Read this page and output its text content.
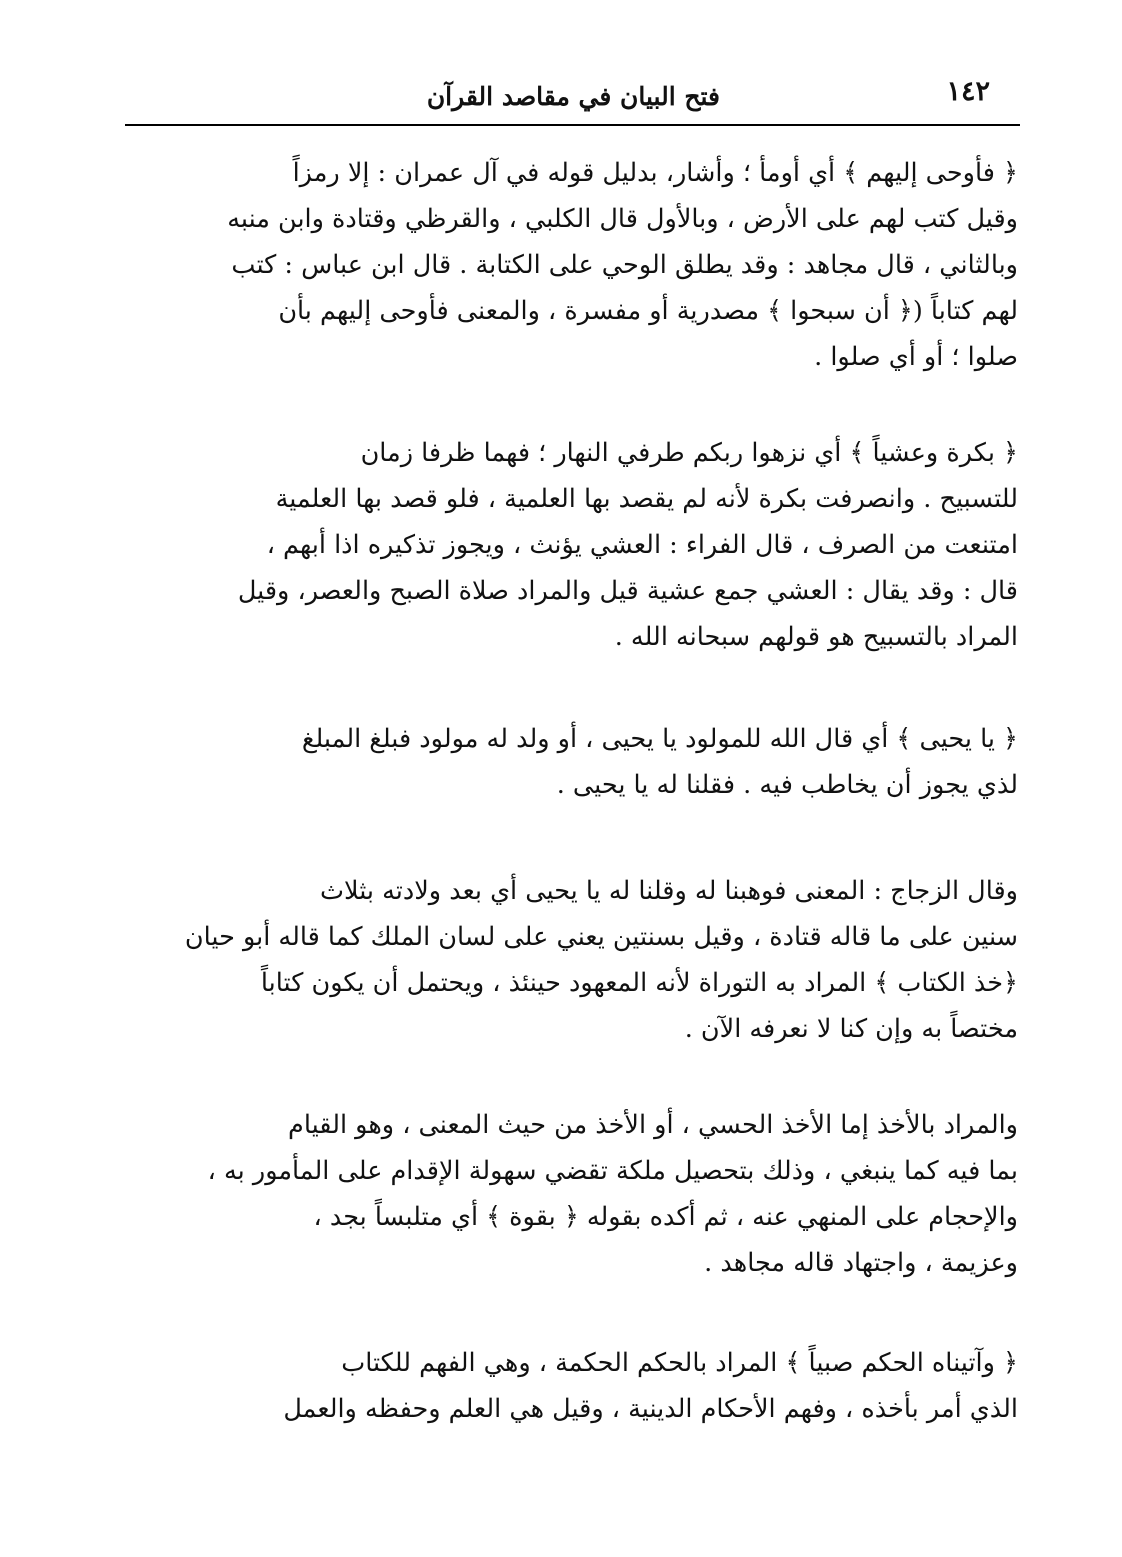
١٤٢
فتح البيان في مقاصد القرآن

﴿ فأوحى إليهم ﴾ أي أومأ ؛ وأشار، بدليل قوله في آل عمران : إلا رمزاً
وقيل كتب لهم على الأرض ، وبالأول قال الكلبي ، والقرظي وقتادة وابن منبه
وبالثاني ، قال مجاهد : وقد يطلق الوحي على الكتابة . قال ابن عباس : كتب
لهم كتاباً (﴿ أن سبحوا ﴾ مصدرية أو مفسرة ، والمعنى فأوحى إليهم بأن
صلوا ؛ أو أي صلوا .

﴿ بكرة وعشياً ﴾ أي نزهوا ربكم طرفي النهار ؛ فهما ظرفا زمان
للتسبيح . وانصرفت بكرة لأنه لم يقصد بها العلمية ، فلو قصد بها العلمية
امتنعت من الصرف ، قال الفراء : العشي يؤنث ، ويجوز تذكيره اذا أبهم ،
قال : وقد يقال : العشي جمع عشية قيل والمراد صلاة الصبح والعصر، وقيل
المراد بالتسبيح هو قولهم سبحانه الله .

﴿ يا يحيى ﴾ أي قال الله للمولود يا يحيى ، أو ولد له مولود فبلغ المبلغ
لذي يجوز أن يخاطب فيه . فقلنا له يا يحيى .

وقال الزجاج : المعنى فوهبنا له وقلنا له يا يحيى أي بعد ولادته بثلاث
سنين على ما قاله قتادة ، وقيل بسنتين يعني على لسان الملك كما قاله أبو حيان
﴿خذ الكتاب ﴾ المراد به التوراة لأنه المعهود حينئذ ، ويحتمل أن يكون كتاباً
مختصاً به وإن كنا لا نعرفه الآن .

والمراد بالأخذ إما الأخذ الحسي ، أو الأخذ من حيث المعنى ، وهو القيام
بما فيه كما ينبغي ، وذلك بتحصيل ملكة تقضي سهولة الإقدام على المأمور به ،
والإحجام على المنهي عنه ، ثم أكده بقوله ﴿ بقوة ﴾ أي متلبساً بجد ،
وعزيمة ، واجتهاد قاله مجاهد .

﴿ وآتيناه الحكم صبياً ﴾ المراد بالحكم الحكمة ، وهي الفهم للكتاب
الذي أمر بأخذه ، وفهم الأحكام الدينية ، وقيل هي العلم وحفظه والعمل
